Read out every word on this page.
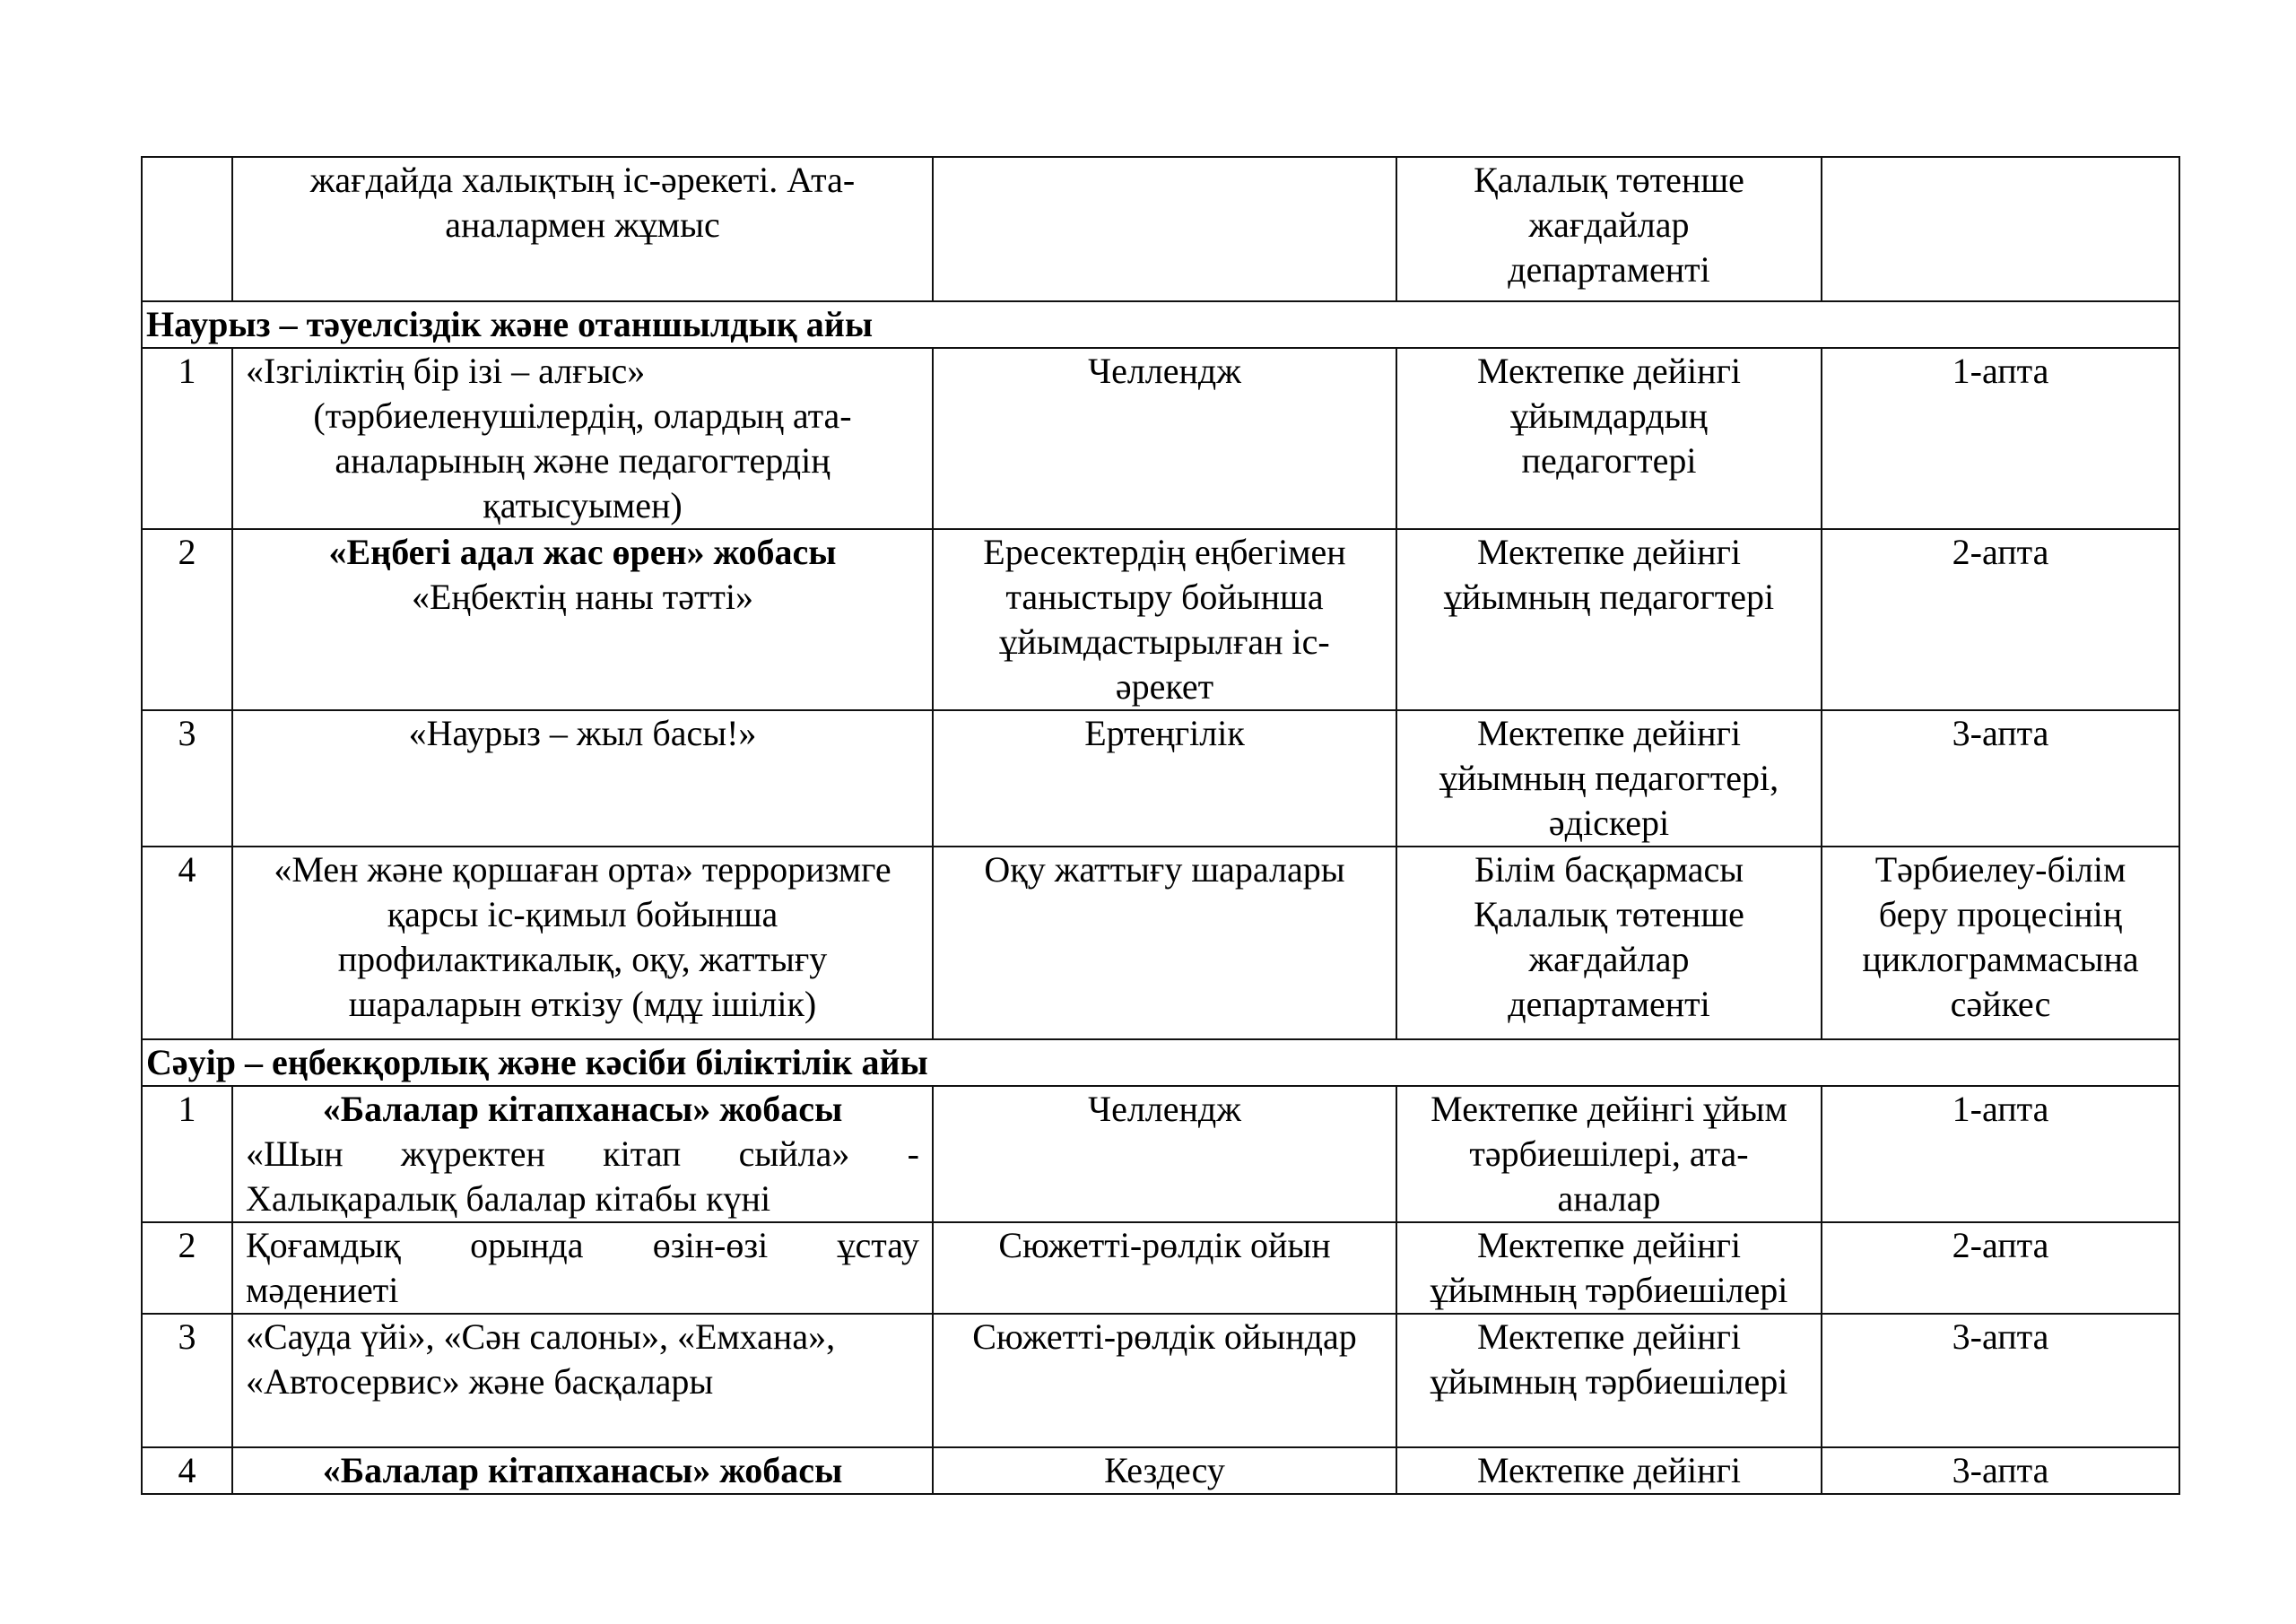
	жағдайда халықтың іс-әрекеті. Ата-
аналармен жұмыс		Қалалық төтенше
жағдайлар
департаменті	

Наурыз – тәуелсіздік және отаншылдық айы				
1	«Ізгіліктің бір ізі – алғыс»
(тәрбиеленушілердің, олардың ата-
аналарының және педагогтердің
қатысуымен)	Челлендж	Мектепке дейінгі
ұйымдардың
педагогтері	1-апта

2	«Еңбегі адал жас өрен» жобасы
«Еңбектің наны тәтті»	Ересектердің еңбегімен
таныстыру бойынша
ұйымдастырылған іс-
әрекет	Мектепке дейінгі
ұйымның педагогтері	2-апта

3	«Наурыз – жыл басы!»	Ертеңгілік	Мектепке дейінгі
ұйымның педагогтері,
әдіскері	3-апта

4	«Мен және қоршаған орта» терроризмге
қарсы іс-қимыл бойынша
профилактикалық, оқу, жаттығу
шараларын өткізу (мдұ ішілік)	Оқу жаттығу шаралары	Білім басқармасы
Қалалық төтенше
жағдайлар
департаменті	Тәрбиелеу-білім
беру процесінің
циклограммасына
сәйкес

Сәуір – еңбекқорлық және кәсіби біліктілік айы				
1	«Балалар кітапханасы» жобасы
«Шын жүректен кітап сыйла» -
Халықаралық балалар кітабы күні	Челлендж	Мектепке дейінгі ұйым
тәрбиешілері, ата-
аналар	1-апта

2	Қоғамдық орында өзін-өзі ұстау
мәдениеті	Сюжетті-рөлдік ойын	Мектепке дейінгі
ұйымның тәрбиешілері	2-апта

3	«Сауда үйі», «Сән салоны», «Емхана»,
«Автосервис» және басқалары	Сюжетті-рөлдік ойындар	Мектепке дейінгі
ұйымның тәрбиешілері	3-апта

4	«Балалар кітапханасы» жобасы	Кездесу	Мектепке дейінгі	3-апта
